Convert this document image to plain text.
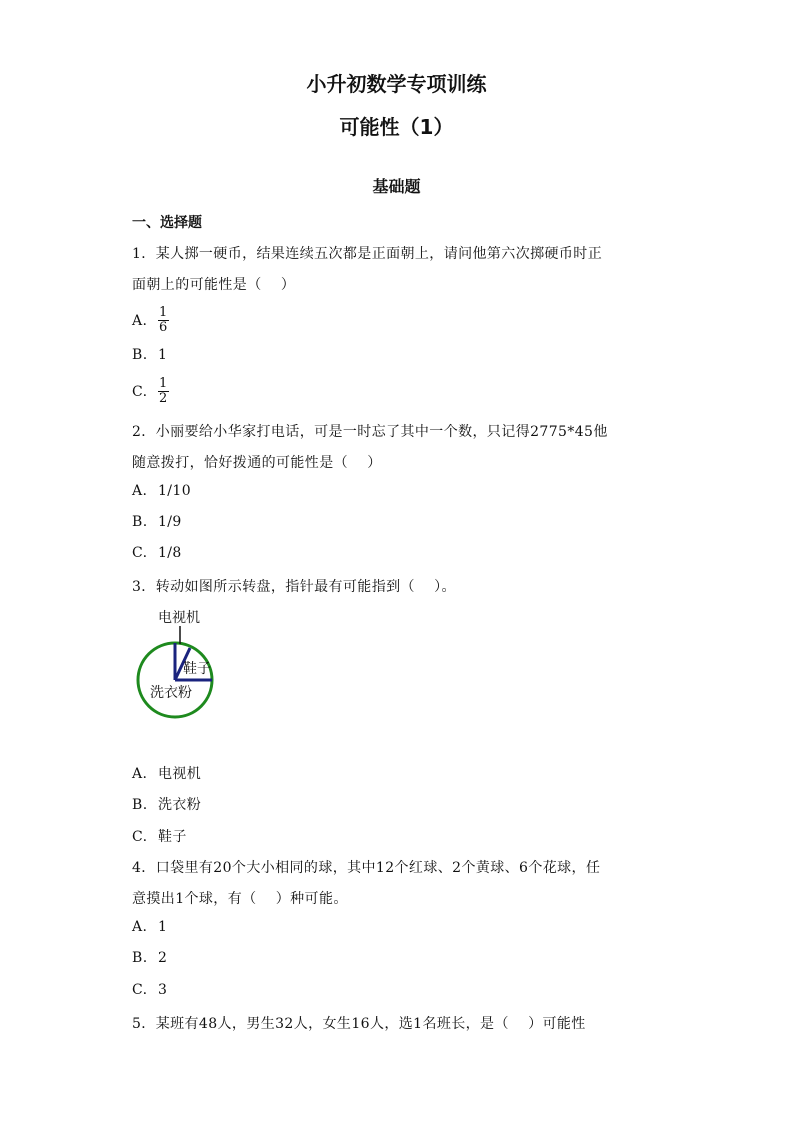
小升初数学专项训练
可能性（1）
基础题
一、选择题
1．某人掷一硬币，结果连续五次都是正面朝上，请问他第六次掷硬币时正
面朝上的可能性是（　 ）
A. $\frac{1}{6}$
B. 1
C. $\frac{1}{2}$
2．小丽要给小华家打电话，可是一时忘了其中一个数，只记得2775*45他
随意拨打，恰好拨通的可能性是（　 ）
A. 1/10
B. 1/9
C. 1/8
3．转动如图所示转盘，指针最有可能指到（　 ）。
电视机
鞋子
洗衣粉
A. 电视机
B. 洗衣粉
C. 鞋子
4．口袋里有20个大小相同的球，其中12个红球、2个黄球、6个花球，任
意摸出1个球，有（　 ）种可能。
A. 1
B. 2
C. 3
5．某班有48人，男生32人，女生16人，选1名班长，是（　 ）可能性
